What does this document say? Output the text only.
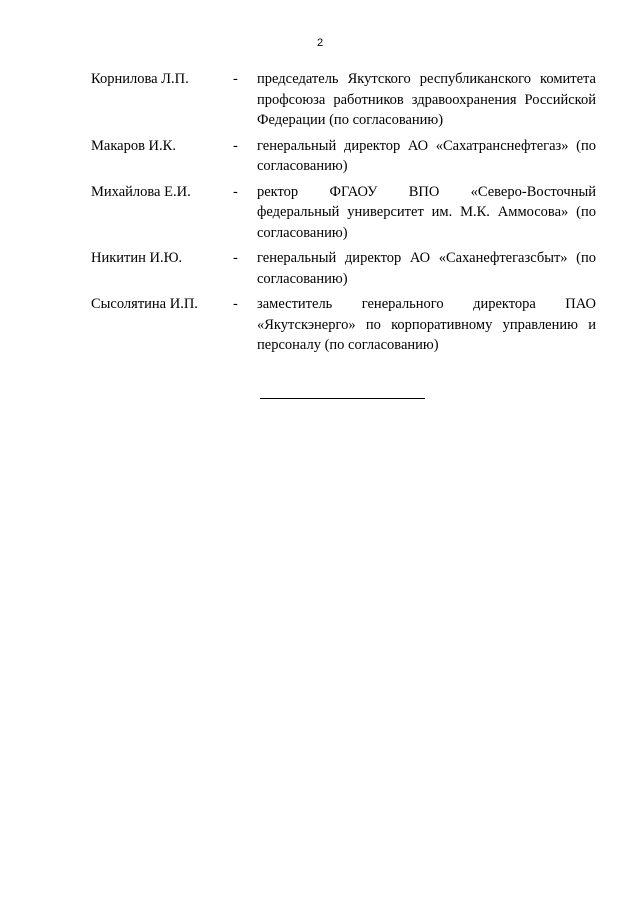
2
Корнилова Л.П.	- председатель Якутского республиканского комитета профсоюза работников здравоохранения Российской Федерации (по согласованию)
Макаров И.К.	- генеральный директор АО «Сахатранснефтегаз» (по согласованию)
Михайлова Е.И.	- ректор ФГАОУ ВПО «Северо-Восточный федеральный университет им. М.К. Аммосова» (по согласованию)
Никитин И.Ю.	- генеральный директор АО «Саханефтегазсбыт» (по согласованию)
Сысолятина И.П. - заместитель генерального директора ПАО «Якутскэнерго» по корпоративному управлению и персоналу (по согласованию)
